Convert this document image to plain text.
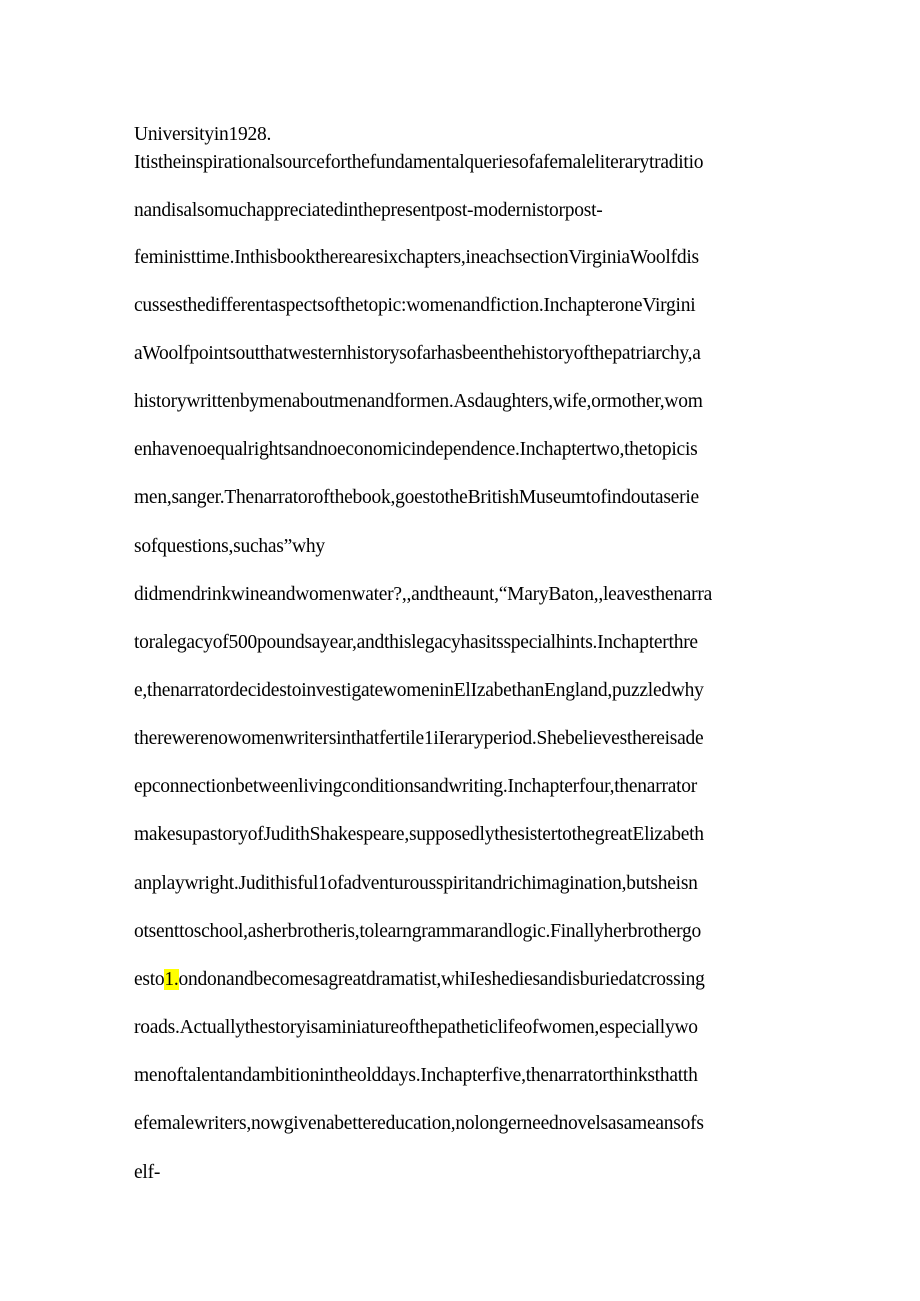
Universityin1928.
Itistheinspirationalsourceforthefundamentalqueriesofafemaleliterarytraditio
nandisalsomuchappreciatedinthepresentpost-modernistorpost-
feministtime.Inthisbooktherearesixchapters,ineachsectionVirginiaWoolfdis
cussesthedifferentaspectsofthetopic:womenandfiction.InchapteroneVirgini
aWoolfpointsoutthatwesternhistorysofarhasbeenthehistoryofthepatriarchy,a
historywrittenbymenaboutmenandformen.Asdaughters,wife,ormother,wom
enhavenoequalrightsandnoeconomicindependence.Inchaptertwo,thetopicis
men,sanger.Thenarratorofthebook,goestotheBritishMuseumtofindoutaserie
sofquestions,suchas”why
didmendrinkwineandwomenwater?,,andtheaunt,“MaryBaton,,leavesthenarra
toralegacyof500poundsayear,andthislegacyhasitsspecialhints.Inchapterthre
e,thenarratordecidestoinvestigatewomeninElIzabethanEngland,puzzledwhy
therewerenowomenwritersinthatfertile1iIeraryperiod.Shebelievesthereisade
epconnectionbetweenlivingconditionsandwriting.Inchapterfour,thenarrator
makesupastoryofJudithShakespeare,supposedlythesistertothegreatElizabeth
anplaywright.Judithisful1ofadventurousspiritandrichimagination,butsheisn
otsenttoschool,asherbrotheris,tolearngrammarandlogic.Finallyherbrothergo
esto1.ondonandbecomesagreatdramatist,whiIeshediesandisburiedatcrossing
roads.Actuallythestoryisaminiatureofthepatheticlifeofwomen,especiallywo
menoftalentandambitionintheolddays.Inchapterfive,thenarratorthinksthatth
efemalewriters,nowgivenabettereducation,nolongerneednovelsasameansofs
elf-
